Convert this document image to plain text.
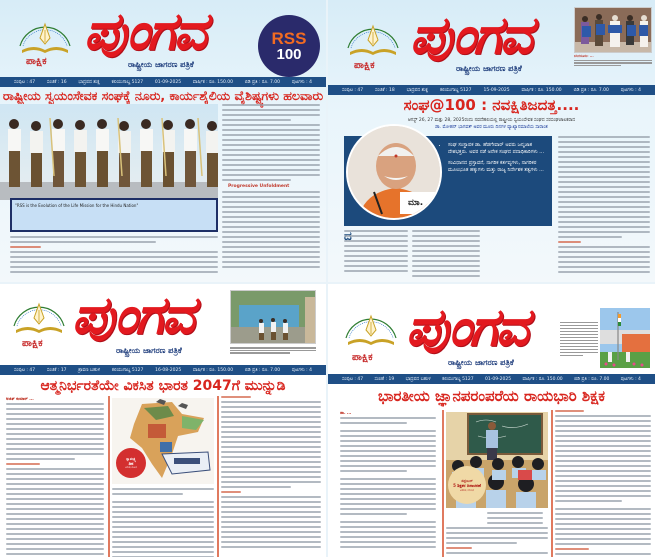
ಪಾಕ್ಷಿಕ ಪುಂಗವ
ರಾಷ್ಟ್ರೀಯ ಜಾಗರಣ ಪತ್ರಿಕೆ
RSS
100
ಸಂಪುಟ : 47	ಸಂಚಿಕೆ : 16	ಭಾದ್ರಪದ ಶುಕ್ಲ	ಕಲಿಯುಗಾಬ್ದ 5127	01-09-2025	ವಾರ್ಷಿಕ : ರೂ. 150.00	ಬಿಡಿ ಪ್ರತಿ : ರೂ. 7.00	ಪುಟಗಳು : 4
ರಾಷ್ಟ್ರೀಯ ಸ್ವಯಂಸೇವಕ ಸಂಘಕ್ಕೆ ನೂರು, ಕಾರ್ಯಶೈಲಿಯ ವೈಶಿಷ್ಟ್ಯಗಳು ಹಲವಾರು
"RSS is the Evolution of the Life Mission for the Hindu Nation"
Progressive Unfoldment
ಪಾಕ್ಷಿಕ ಪುಂಗವ
ರಾಷ್ಟ್ರೀಯ ಜಾಗರಣ ಪತ್ರಿಕೆ
ಬೆಂಗಳೂರು: ...
ಸಂಪುಟ : 47	ಸಂಚಿಕೆ : 18	ಭಾದ್ರಪದ ಶುಕ್ಲ	ಕಲಿಯುಗಾಬ್ದ 5127	15-09-2025	ವಾರ್ಷಿಕ : ರೂ. 150.00	ಬಿಡಿ ಪ್ರತಿ : ರೂ. 7.00	ಪುಟಗಳು : 4
ಸಂಘ@100 : ನವಕ್ಷಿತಿಜದತ್ತ....
ಆಗಸ್ಟ್ 26, 27 ಮತ್ತು 28, 2025ರಂದು ನವದೆಹಲಿಯಲ್ಲಿ ರಾಷ್ಟ್ರೀಯ ಸ್ವಯಂಸೇವಕ ಸಂಘದ ಸರಸಂಘಚಾಲಕರಾದ
ಡಾ. ಮೋಹನ್ ಭಾಗವತ್ ಅವರ ಮೂರು ದಿನಗಳ ವ್ಯಾಖ್ಯಾನಮಾಲೆಯ ಸಾರಾಂಶ
• ಸಂಘ ಸಂಸ್ಥಾಪಕ ಡಾ. ಹೆಡಗೇವಾರ್ ಅವರು ಜನ್ಮಜಾತ ದೇಶಭಕ್ತರು. ಅವರ ನಡೆ ಅನೇಕ ಸಂಘದ ಪದಾಧಿಕಾರಿಗಳು ...
• ಸಂವಿಧಾನದ ಪ್ರಸ್ತಾವನೆ, ನಾಗರಿಕ ಕರ್ತವ್ಯಗಳು, ನಾಗರಿಕರ ಮೂಲಭೂತ ಹಕ್ಕುಗಳು ಮತ್ತು ರಾಜ್ಯ ನಿರ್ದೇಶಕ ತತ್ವಗಳು ...
ಮಾ.
ಪಾಕ್ಷಿಕ ಪುಂಗವ
ರಾಷ್ಟ್ರೀಯ ಜಾಗರಣ ಪತ್ರಿಕೆ
ಸಂಪುಟ : 47	ಸಂಚಿಕೆ : 17	ಶ್ರಾವಣ ಬಹುಳ	ಕಲಿಯುಗಾಬ್ದ 5127	16-08-2025	ವಾರ್ಷಿಕ : ರೂ. 150.00	ಬಿಡಿ ಪ್ರತಿ : ರೂ. 7.00	ಪುಟಗಳು : 4
ಆತ್ಮನಿರ್ಭರತೆಯೇ ವಿಕಸಿತ ಭಾರತ 2047ಗೆ ಮುನ್ನುಡಿ
ಅಜಿತ್ ಕುಮಾರ್ ...
ಸ್ವಾತಂತ್ರ್ಯ
ದಿನ
ವಿಶೇಷ ಲೇಖನ
ಪಾಕ್ಷಿಕ ಪುಂಗವ
ರಾಷ್ಟ್ರೀಯ ಜಾಗರಣ ಪತ್ರಿಕೆ
ಸಂಪುಟ : 47	ಸಂಚಿಕೆ : 19	ಭಾದ್ರಪದ ಬಹುಳ	ಕಲಿಯುಗಾಬ್ದ 5127	01-09-2025	ವಾರ್ಷಿಕ : ರೂ. 150.00	ಬಿಡಿ ಪ್ರತಿ : ರೂ. 7.00	ಪುಟಗಳು : 4
ಭಾರತೀಯ ಜ್ಞಾನಪರಂಪರೆಯ ರಾಯಭಾರಿ ಶಿಕ್ಷಕ
ಡಾ. ...
ಸೆಪ್ಟೆಂಬರ್
5 ಶಿಕ್ಷಕರ ದಿನಾಚರಣೆ
ವಿಶೇಷ ಲೇಖನ
